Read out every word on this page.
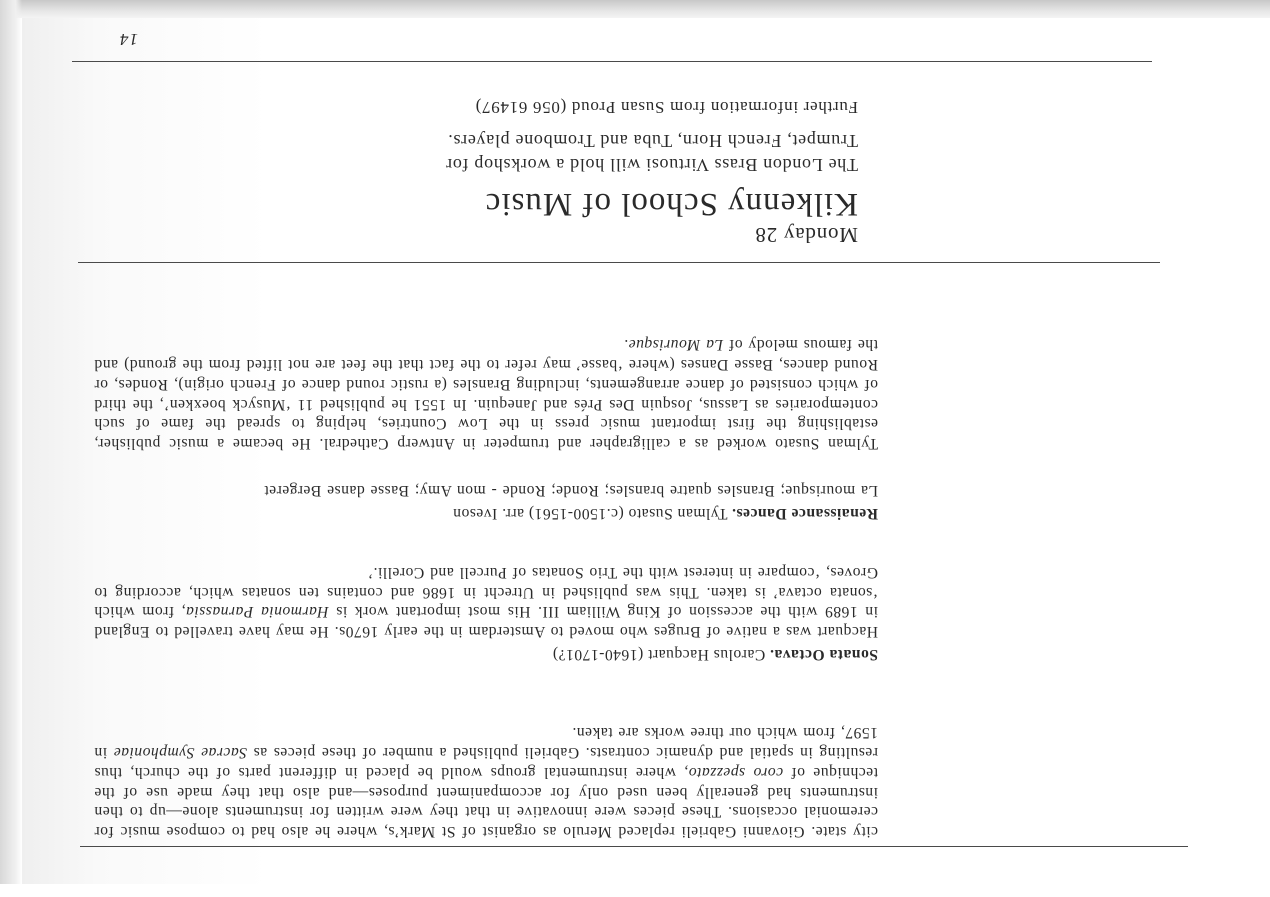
city state. Giovanni Gabrieli replaced Merulo as organist of St Mark’s, where he also had to compose music for ceremonial occasions. These pieces were innovative in that they were written for instruments alone—up to then instruments had generally been used only for accompaniment purposes—and also that they made use of the technique of coro spezzato, where instrumental groups would be placed in different parts of the church, thus resulting in spatial and dynamic contrasts. Gabrieli published a number of these pieces as Sacrae Symphoniae in 1597, from which our three works are taken.

Sonata Octava. Carolus Hacquart (1640-1701?)

Hacquart was a native of Bruges who moved to Amsterdam in the early 1670s. He may have travelled to England in 1689 with the accession of King William III. His most important work is Harmonia Parnassia, from which ‘sonata octava’ is taken. This was published in Utrecht in 1686 and contains ten sonatas which, according to Groves, ‘compare in interest with the Trio Sonatas of Purcell and Corelli.’

Renaissance Dances. Tylman Susato (c.1500-1561) arr. Iveson

La mourisque; Bransles quatre bransles; Ronde; Ronde - mon Amy; Basse danse Bergeret

Tylman Susato worked as a calligrapher and trumpeter in Antwerp Cathedral. He became a music publisher, establishing the first important music press in the Low Countries, helping to spread the fame of such contemporaries as Lassus, Josquin Des Prés and Janequin. In 1551 he published 11 ‘Musyck boexken’, the third of which consisted of dance arrangements, including Bransles (a rustic round dance of French origin), Rondes, or Round dances, Basse Danses (where ‘basse’ may refer to the fact that the feet are not lifted from the ground) and the famous melody of La Mourisque.

Monday 28

Kilkenny School of Music

The London Brass Virtuosi will hold a workshop for

Trumpet, French Horn, Tuba and Trombone players.

Further information from Susan Proud (056 61497)

14
